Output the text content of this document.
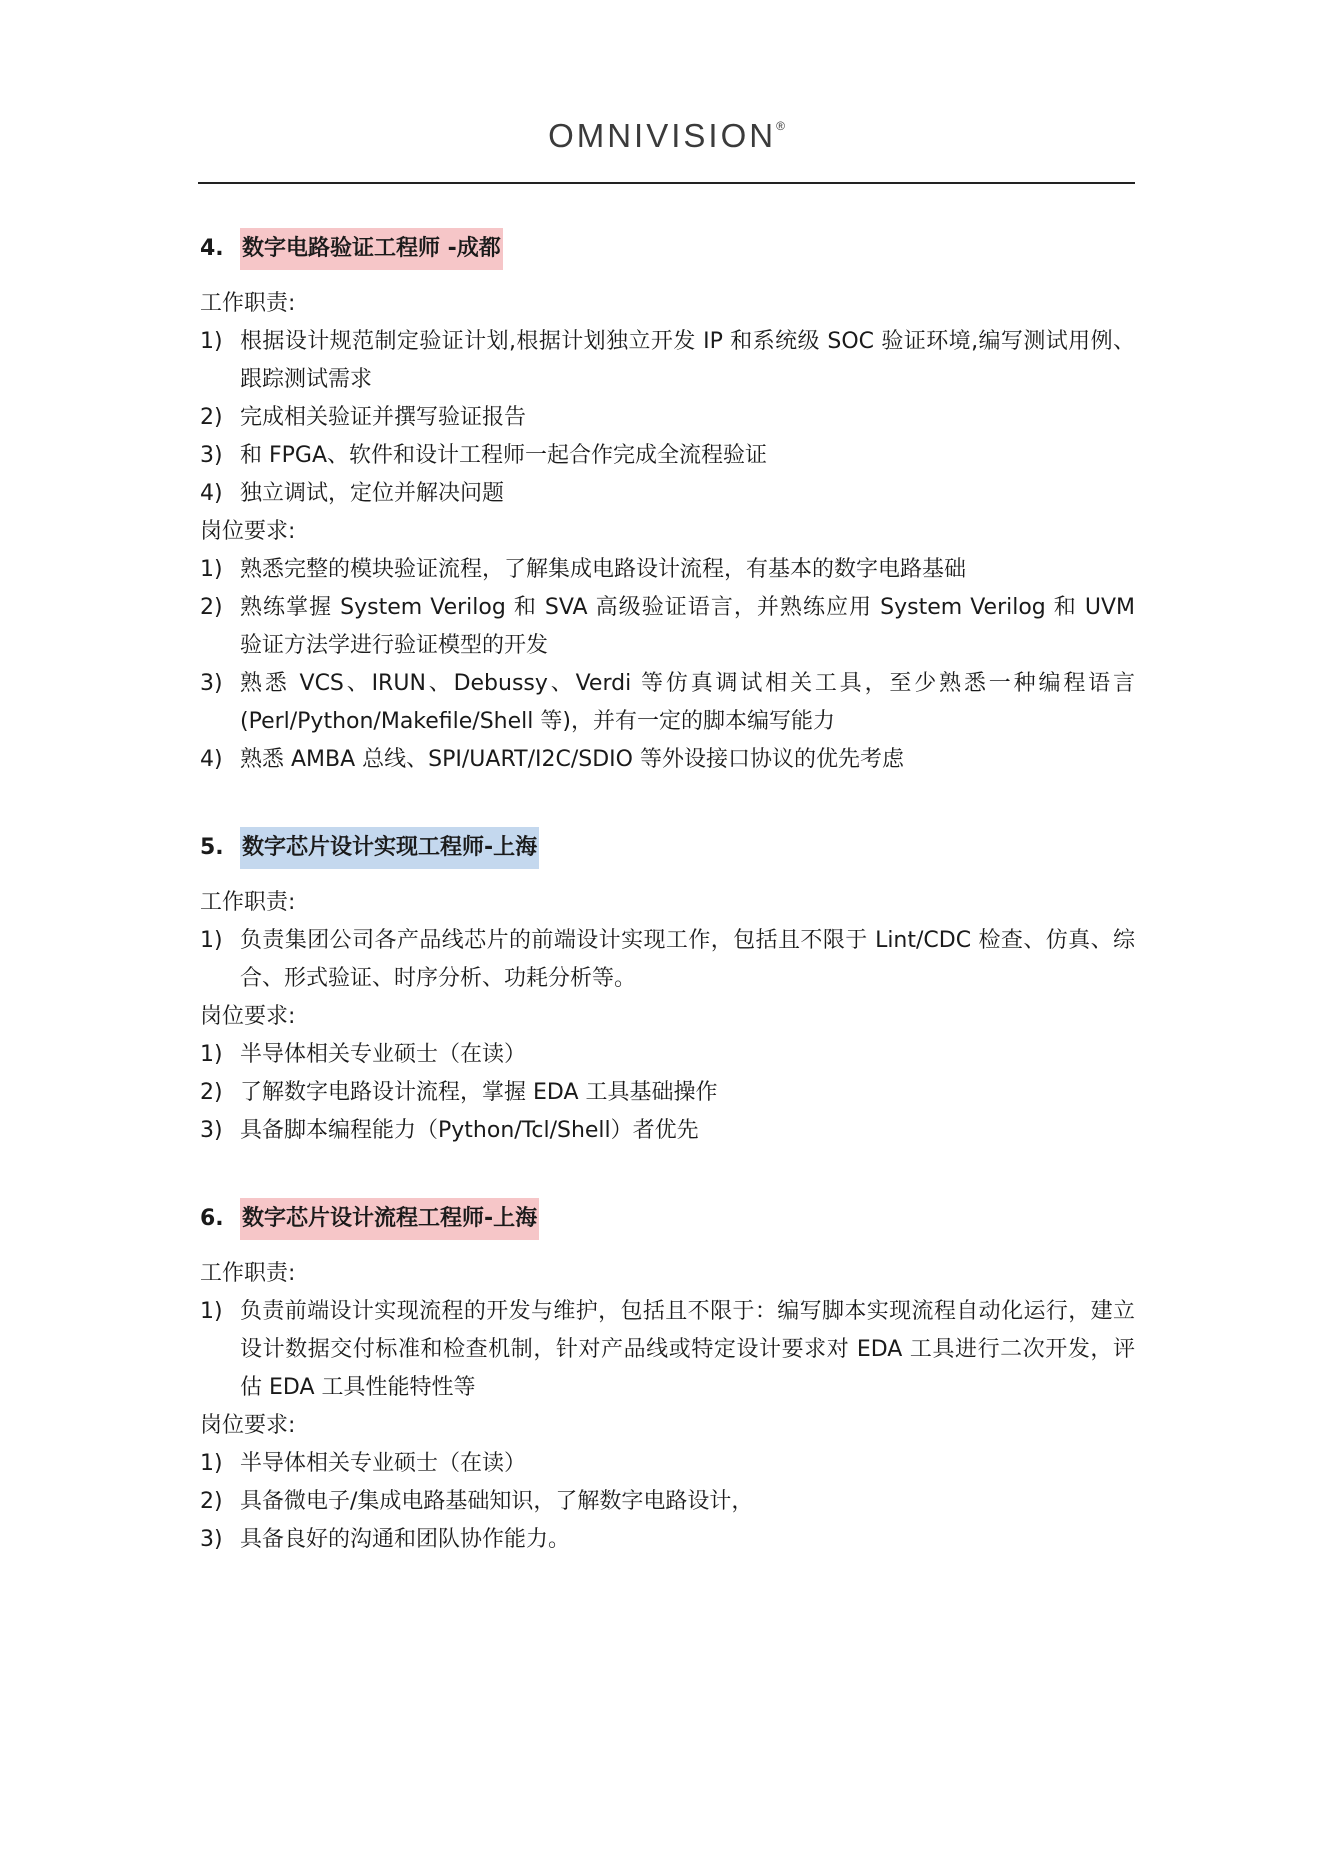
OMNIVISION®
4. 数字电路验证工程师 -成都

工作职责:

1) 根据设计规范制定验证计划,根据计划独立开发 IP 和系统级 SOC 验证环境,编写测试用例、跟踪测试需求
2) 完成相关验证并撰写验证报告
3) 和 FPGA、软件和设计工程师一起合作完成全流程验证
4) 独立调试，定位并解决问题

岗位要求:

1) 熟悉完整的模块验证流程，了解集成电路设计流程，有基本的数字电路基础
2) 熟练掌握 System Verilog 和 SVA 高级验证语言，并熟练应用 System Verilog 和 UVM 验证方法学进行验证模型的开发
3) 熟悉 VCS、IRUN、Debussy、Verdi 等仿真调试相关工具，至少熟悉一种编程语言(Perl/Python/Makefile/Shell 等)，并有一定的脚本编写能力
4) 熟悉 AMBA 总线、SPI/UART/I2C/SDIO 等外设接口协议的优先考虑
5. 数字芯片设计实现工程师-上海

工作职责:

1) 负责集团公司各产品线芯片的前端设计实现工作，包括且不限于 Lint/CDC 检查、仿真、综合、形式验证、时序分析、功耗分析等。

岗位要求:

1) 半导体相关专业硕士（在读）
2) 了解数字电路设计流程，掌握 EDA 工具基础操作
3) 具备脚本编程能力（Python/Tcl/Shell）者优先
6. 数字芯片设计流程工程师-上海

工作职责:

1) 负责前端设计实现流程的开发与维护，包括且不限于：编写脚本实现流程自动化运行，建立设计数据交付标准和检查机制，针对产品线或特定设计要求对 EDA 工具进行二次开发，评估 EDA 工具性能特性等

岗位要求:

1) 半导体相关专业硕士（在读）
2) 具备微电子/集成电路基础知识，了解数字电路设计，
3) 具备良好的沟通和团队协作能力。
